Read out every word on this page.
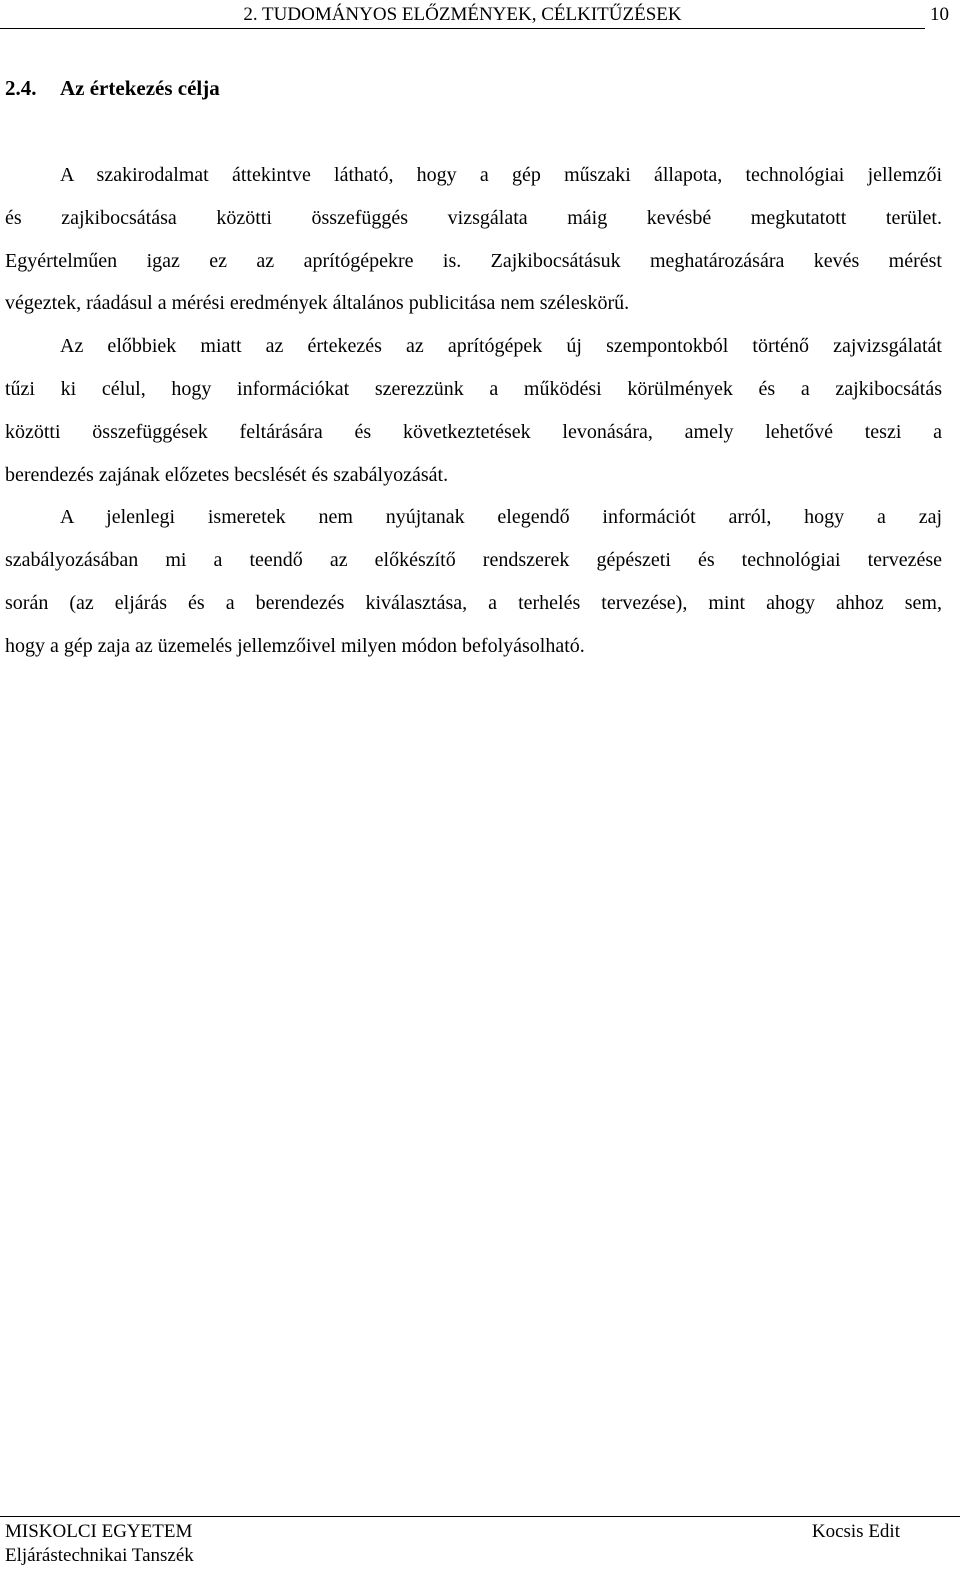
2. TUDOMÁNYOS ELŐZMÉNYEK, CÉLKITŰZÉSEK	10
2.4. Az értekezés célja
A szakirodalmat áttekintve látható, hogy a gép műszaki állapota, technológiai jellemzői
és zajkibocsátása közötti összefüggés vizsgálata máig kevésbé megkutatott terület.
Egyértelműen igaz ez az aprítógépekre is. Zajkibocsátásuk meghatározására kevés mérést
végeztek, ráadásul a mérési eredmények általános publicitása nem széleskörű.
Az előbbiek miatt az értekezés az aprítógépek új szempontokból történő zajvizsgálatát
tűzi ki célul, hogy információkat szerezzünk a működési körülmények és a zajkibocsátás
közötti összefüggések feltárására és következtetések levonására, amely lehetővé teszi a
berendezés zajának előzetes becslését és szabályozását.
A jelenlegi ismeretek nem nyújtanak elegendő információt arról, hogy a zaj
szabályozásában mi a teendő az előkészítő rendszerek gépészeti és technológiai tervezése
során (az eljárás és a berendezés kiválasztása, a terhelés tervezése), mint ahogy ahhoz sem,
hogy a gép zaja az üzemelés jellemzőivel milyen módon befolyásolható.
MISKOLCI EGYETEM
Eljárástechnikai Tanszék
Kocsis Edit
